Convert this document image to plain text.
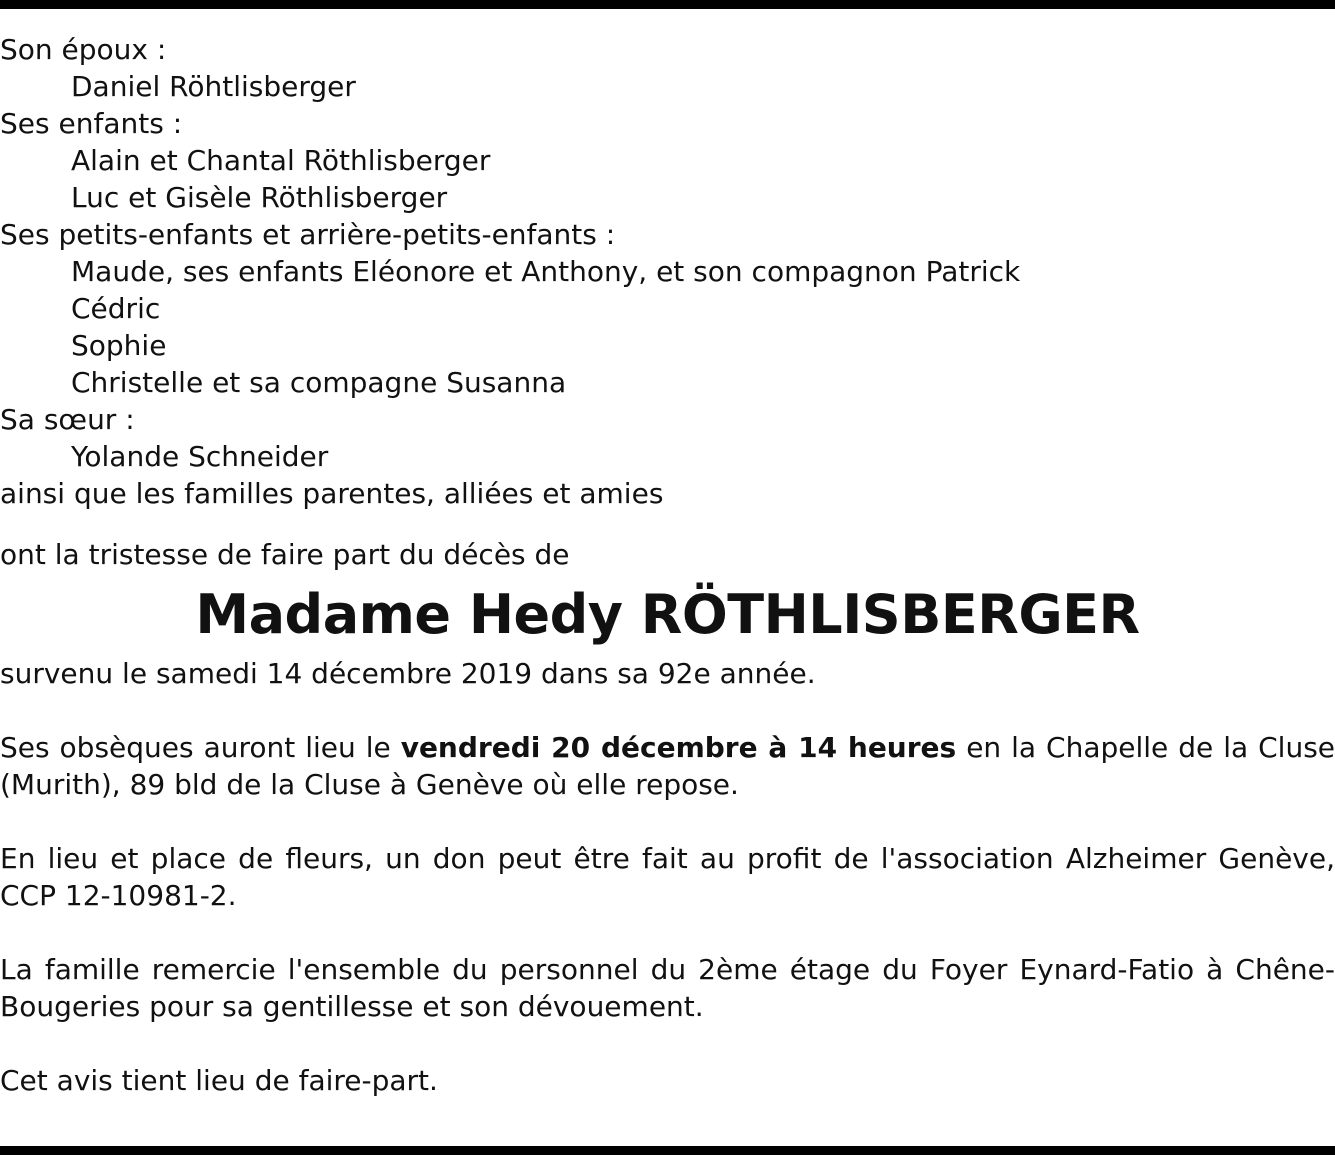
Son époux :
Daniel Röhtlisberger
Ses enfants :
Alain et Chantal Röthlisberger
Luc et Gisèle Röthlisberger
Ses petits-enfants et arrière-petits-enfants :
Maude, ses enfants Eléonore et Anthony, et son compagnon Patrick
Cédric
Sophie
Christelle et sa compagne Susanna
Sa sœur :
Yolande Schneider
ainsi que les familles parentes, alliées et amies
ont la tristesse de faire part du décès de
Madame Hedy RÖTHLISBERGER
survenu le samedi 14 décembre 2019 dans sa 92e année.
Ses obsèques auront lieu le vendredi 20 décembre à 14 heures en la Chapelle de la Cluse
(Murith), 89 bld de la Cluse à Genève où elle repose.
En lieu et place de fleurs, un don peut être fait au profit de l'association Alzheimer Genève,
CCP 12-10981-2.
La famille remercie l'ensemble du personnel du 2ème étage du Foyer Eynard-Fatio à Chêne-
Bougeries pour sa gentillesse et son dévouement.
Cet avis tient lieu de faire-part.
